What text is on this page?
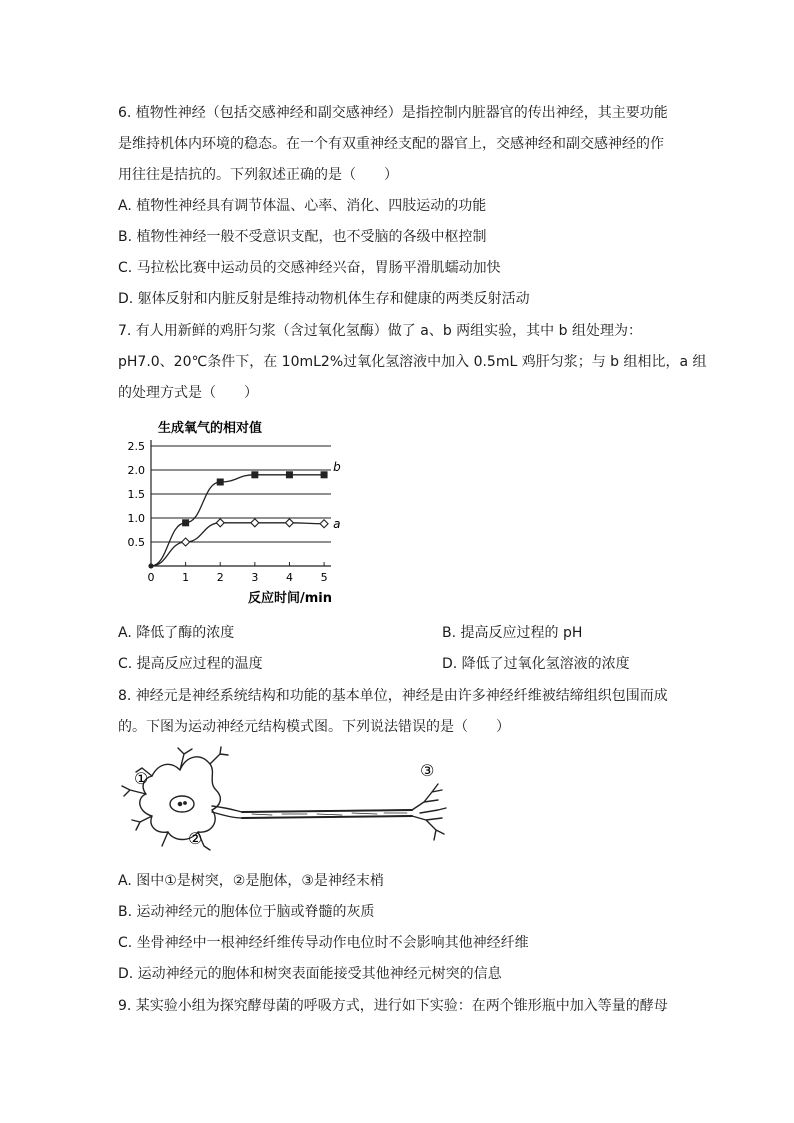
6. 植物性神经（包括交感神经和副交感神经）是指控制内脏器官的传出神经，其主要功能
是维持机体内环境的稳态。在一个有双重神经支配的器官上，交感神经和副交感神经的作
用往往是拮抗的。下列叙述正确的是（　　）
A. 植物性神经具有调节体温、心率、消化、四肢运动的功能
B. 植物性神经一般不受意识支配，也不受脑的各级中枢控制
C. 马拉松比赛中运动员的交感神经兴奋，胃肠平滑肌蠕动加快
D. 躯体反射和内脏反射是维持动物机体生存和健康的两类反射活动
7. 有人用新鲜的鸡肝匀浆（含过氧化氢酶）做了 a、b 两组实验，其中 b 组处理为：
pH7.0、20℃条件下，在 10mL2%过氧化氢溶液中加入 0.5mL 鸡肝匀浆；与 b 组相比，a 组
的处理方式是（　　）
生成氧气的相对值
0.5
1.0
1.5
2.0
2.5
0	1	2	3	4	5
b
a
反应时间/min
A. 降低了酶的浓度	B. 提高反应过程的 pH
C. 提高反应过程的温度	D. 降低了过氧化氢溶液的浓度
8. 神经元是神经系统结构和功能的基本单位，神经是由许多神经纤维被结缔组织包围而成
的。下图为运动神经元结构模式图。下列说法错误的是（　　）
①
②
③
A. 图中①是树突，②是胞体，③是神经末梢
B. 运动神经元的胞体位于脑或脊髓的灰质
C. 坐骨神经中一根神经纤维传导动作电位时不会影响其他神经纤维
D. 运动神经元的胞体和树突表面能接受其他神经元树突的信息
9. 某实验小组为探究酵母菌的呼吸方式，进行如下实验：在两个锥形瓶中加入等量的酵母
